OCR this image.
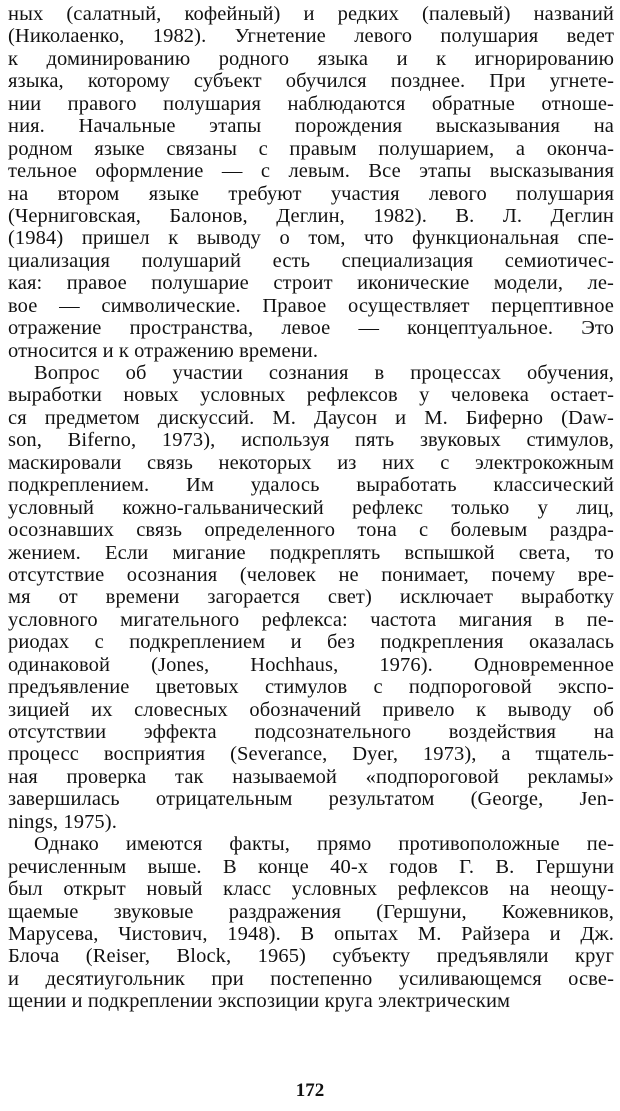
ных (салатный, кофейный) и редких (палевый) названий
(Николаенко, 1982). Угнетение левого полушария ведет
к доминированию родного языка и к игнорированию
языка, которому субъект обучился позднее. При угнете-
нии правого полушария наблюдаются обратные отноше-
ния. Начальные этапы порождения высказывания на
родном языке связаны с правым полушарием, а оконча-
тельное оформление — с левым. Все этапы высказывания
на втором языке требуют участия левого полушария
(Черниговская, Балонов, Деглин, 1982). В. Л. Деглин
(1984) пришел к выводу о том, что функциональная спе-
циализация полушарий есть специализация семиотичес-
кая: правое полушарие строит иконические модели, ле-
вое — символические. Правое осуществляет перцептивное
отражение пространства, левое — концептуальное. Это
относится и к отражению времени.
Вопрос об участии сознания в процессах обучения,
выработки новых условных рефлексов у человека остает-
ся предметом дискуссий. М. Даусон и М. Биферно (Daw-
son, Biferno, 1973), используя пять звуковых стимулов,
маскировали связь некоторых из них с электрокожным
подкреплением. Им удалось выработать классический
условный кожно-гальванический рефлекс только у лиц,
осознавших связь определенного тона с болевым раздра-
жением. Если мигание подкреплять вспышкой света, то
отсутствие осознания (человек не понимает, почему вре-
мя от времени загорается свет) исключает выработку
условного мигательного рефлекса: частота мигания в пе-
риодах с подкреплением и без подкрепления оказалась
одинаковой (Jones, Hochhaus, 1976). Одновременное
предъявление цветовых стимулов с подпороговой экспо-
зицией их словесных обозначений привело к выводу об
отсутствии эффекта подсознательного воздействия на
процесс восприятия (Severance, Dyer, 1973), а тщатель-
ная проверка так называемой «подпороговой рекламы»
завершилась отрицательным результатом (George, Jen-
nings, 1975).
Однако имеются факты, прямо противоположные пе-
речисленным выше. В конце 40-х годов Г. В. Гершуни
был открыт новый класс условных рефлексов на неощу-
щаемые звуковые раздражения (Гершуни, Кожевников,
Марусева, Чистович, 1948). В опытах М. Райзера и Дж.
Блоча (Reiser, Block, 1965) субъекту предъявляли круг
и десятиугольник при постепенно усиливающемся осве-
щении и подкреплении экспозиции круга электрическим
172
